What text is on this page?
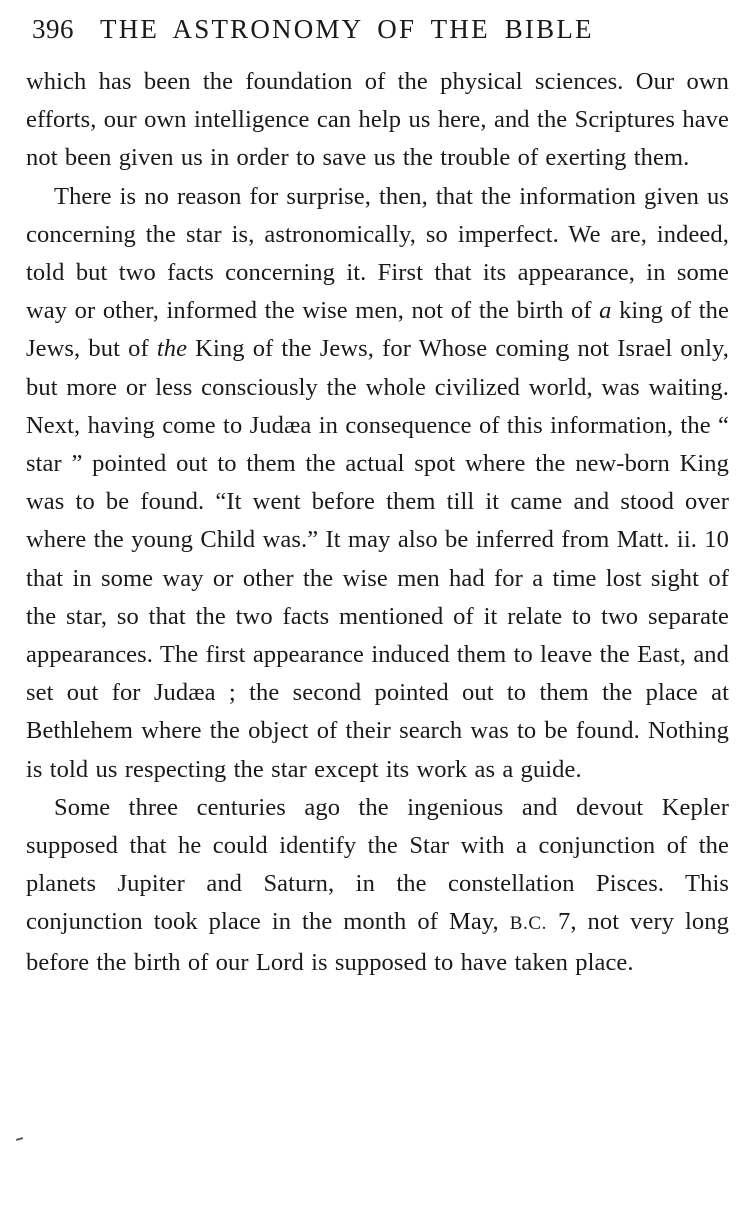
396 THE ASTRONOMY OF THE BIBLE

which has been the foundation of the physical sciences. Our own efforts, our own intelligence can help us here, and the Scriptures have not been given us in order to save us the trouble of exerting them.

There is no reason for surprise, then, that the information given us concerning the star is, astronomically, so imperfect. We are, indeed, told but two facts concerning it. First that its appearance, in some way or other, informed the wise men, not of the birth of a king of the Jews, but of the King of the Jews, for Whose coming not Israel only, but more or less consciously the whole civilized world, was waiting. Next, having come to Judæa in consequence of this information, the “ star ” pointed out to them the actual spot where the new-born King was to be found. “It went before them till it came and stood over where the young Child was.” It may also be inferred from Matt. ii. 10 that in some way or other the wise men had for a time lost sight of the star, so that the two facts mentioned of it relate to two separate appearances. The first appearance induced them to leave the East, and set out for Judæa ; the second pointed out to them the place at Bethlehem where the object of their search was to be found. Nothing is told us respecting the star except its work as a guide.

Some three centuries ago the ingenious and devout Kepler supposed that he could identify the Star with a conjunction of the planets Jupiter and Saturn, in the constellation Pisces. This conjunction took place in the month of May, B.C. 7, not very long before the birth of our Lord is supposed to have taken place.
